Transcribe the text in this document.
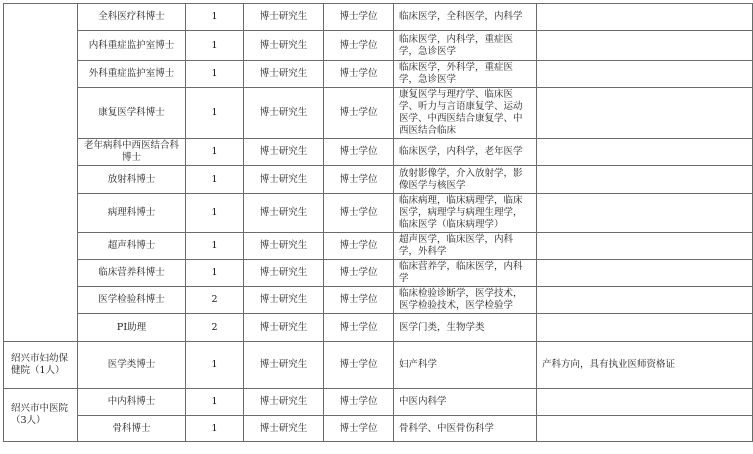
	全科医疗科博士	1	博士研究生	博士学位	临床医学，全科医学，内科学	
	内科重症监护室博士	1	博士研究生	博士学位	临床医学，内科学，重症医学，急诊医学	
	外科重症监护室博士	1	博士研究生	博士学位	临床医学，外科学，重症医学，急诊医学	
	康复医学科博士	1	博士研究生	博士学位	康复医学与理疗学、临床医学、听力与言语康复学、运动医学、中西医结合康复学、中西医结合临床	
	老年病科中西医结合科博士	1	博士研究生	博士学位	临床医学，内科学，老年医学	
	放射科博士	1	博士研究生	博士学位	放射影像学，介入放射学，影像医学与核医学	
	病理科博士	1	博士研究生	博士学位	临床病理，临床病理学，临床医学，病理学与病理生理学，临床医学（临床病理学）	
	超声科博士	1	博士研究生	博士学位	超声医学，临床医学，内科学，外科学	
	临床营养科博士	1	博士研究生	博士学位	临床营养学，临床医学，内科学	
	医学检验科博士	2	博士研究生	博士学位	临床检验诊断学，医学技术，医学检验技术，医学检验学	
	PI助理	2	博士研究生	博士学位	医学门类，生物学类	
绍兴市妇幼保健院（1人）	医学类博士	1	博士研究生	博士学位	妇产科学	产科方向，具有执业医师资格证
绍兴市中医院（3人）	中内科博士	1	博士研究生	博士学位	中医内科学	
	骨科博士	1	博士研究生	博士学位	骨科学、中医骨伤科学	
